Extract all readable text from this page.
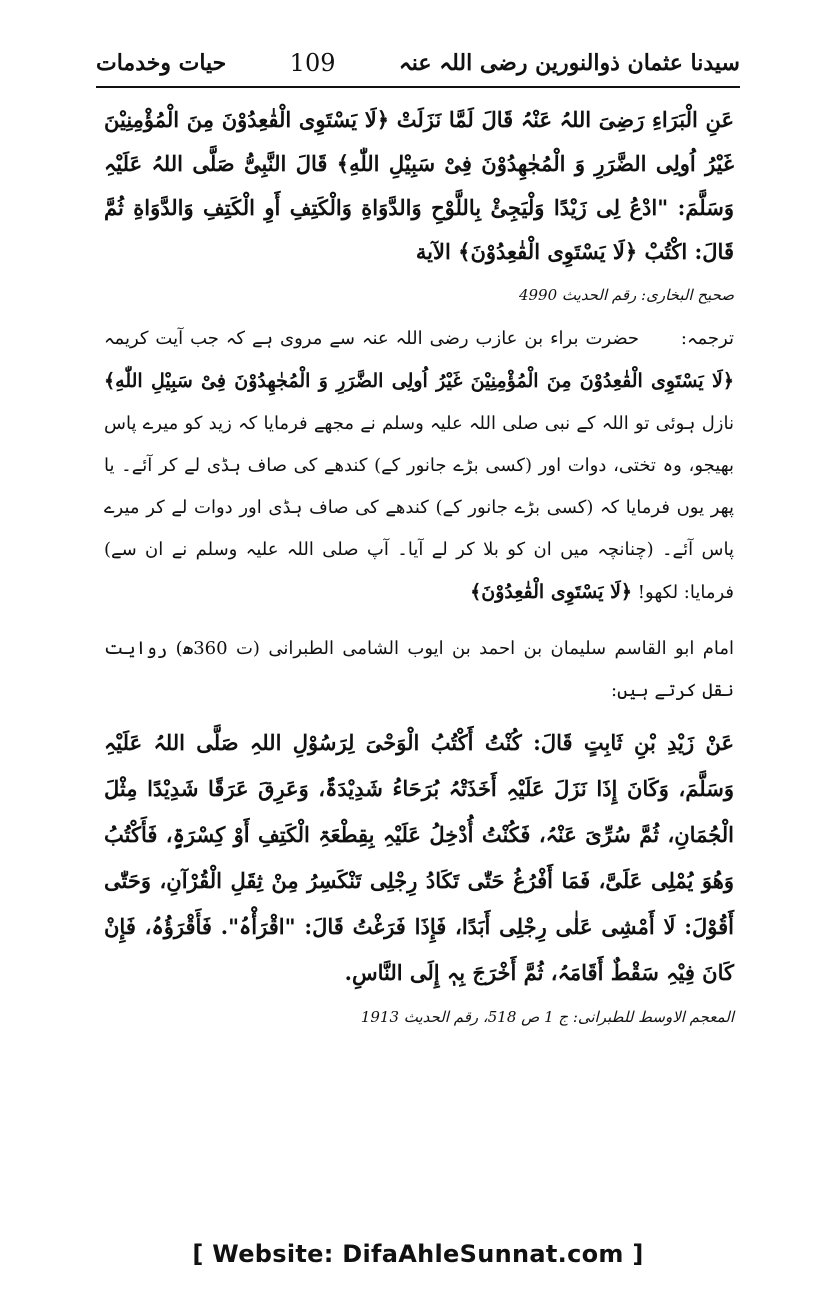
حیات وخدمات	109	سیدنا عثمان ذوالنورین رضی اللہ عنہ

عَنِ الْبَرَاءِ رَضِیَ اللہُ عَنْہُ قَالَ لَمَّا نَزَلَتْ ﴿لَا یَسْتَوِی الْقٰعِدُوْنَ مِنَ الْمُؤْمِنِیْنَ غَیْرُ اُولِی الضَّرَرِ وَ الْمُجٰهِدُوْنَ فِیْ سَبِیْلِ اللّٰهِ﴾ قَالَ النَّبِیُّ صَلَّی اللہُ عَلَیْہِ وَسَلَّمَ: "ادْعُ لِی زَیْدًا وَلْیَجِئْ بِاللَّوْحِ وَالدَّوَاةِ وَالْکَتِفِ أَوِ الْکَتِفِ وَالدَّوَاةِ ثُمَّ قَالَ: اکْتُبْ ﴿لَا یَسْتَوِی الْقٰعِدُوْنَ﴾ الآیة

صحیح البخاری: رقم الحدیث 4990

ترجمہ:      حضرت براء بن عازب رضی اللہ عنہ سے مروی ہے کہ جب آیت کریمہ ﴿لَا یَسْتَوِی الْقٰعِدُوْنَ مِنَ الْمُؤْمِنِیْنَ غَیْرُ اُولِی الضَّرَرِ وَ الْمُجٰهِدُوْنَ فِیْ سَبِیْلِ اللّٰهِ﴾ نازل ہوئی تو اللہ کے نبی صلی اللہ علیہ وسلم نے مجھے فرمایا کہ زید کو میرے پاس بھیجو، وہ تختی، دوات اور (کسی بڑے جانور کے) کندھے کی صاف ہڈی لے کر آئے۔ یا پھر یوں فرمایا کہ (کسی بڑے جانور کے) کندھے کی صاف ہڈی اور دوات لے کر میرے پاس آئے۔ (چنانچہ میں ان کو بلا کر لے آیا۔ آپ صلی اللہ علیہ وسلم نے ان سے) فرمایا: لکھو! ﴿لَا یَسْتَوِی الْقٰعِدُوْنَ﴾

امام ابو القاسم سلیمان بن احمد بن ایوب الشامی الطبرانی (ت 360ھ) روایت نقل کرتے ہیں:

عَنْ زَیْدِ بْنِ ثَابِتٍ قَالَ: کُنْتُ أَکْتُبُ الْوَحْیَ لِرَسُوْلِ اللہِ صَلَّی اللہُ عَلَیْہِ وَسَلَّمَ، وَکَانَ إِذَا نَزَلَ عَلَیْہِ أَخَذَتْہُ بُرَحَاءُ شَدِیْدَۃٌ، وَعَرِقَ عَرَقًا شَدِیْدًا مِثْلَ الْجُمَانِ، ثُمَّ سُرِّیَ عَنْہُ، فَکُنْتُ أُدْخِلُ عَلَیْہِ بِقِطْعَۃِ الْکَتِفِ أَوْ کِسْرَۃٍ، فَأَکْتُبُ وَھُوَ یُمْلِی عَلَیَّ، فَمَا أَفْرُغُ حَتّٰی تَکَادُ رِجْلِی تَنْکَسِرُ مِنْ ثِقَلِ الْقُرْآنِ، وَحَتّٰی أَقُوْلَ: لَا أَمْشِی عَلٰی رِجْلِی أَبَدًا، فَإِذَا فَرَغْتُ قَالَ: "اقْرَأْہُ". فَأَقْرَؤُہُ، فَإِنْ کَانَ فِیْہِ سَقْطٌ أَقَامَہُ، ثُمَّ أَخْرَجَ بِہٖ إِلَی النَّاسِ.

المعجم الاوسط للطبرانی: ج 1 ص 518، رقم الحدیث 1913

[ Website: DifaAhleSunnat.com ]
